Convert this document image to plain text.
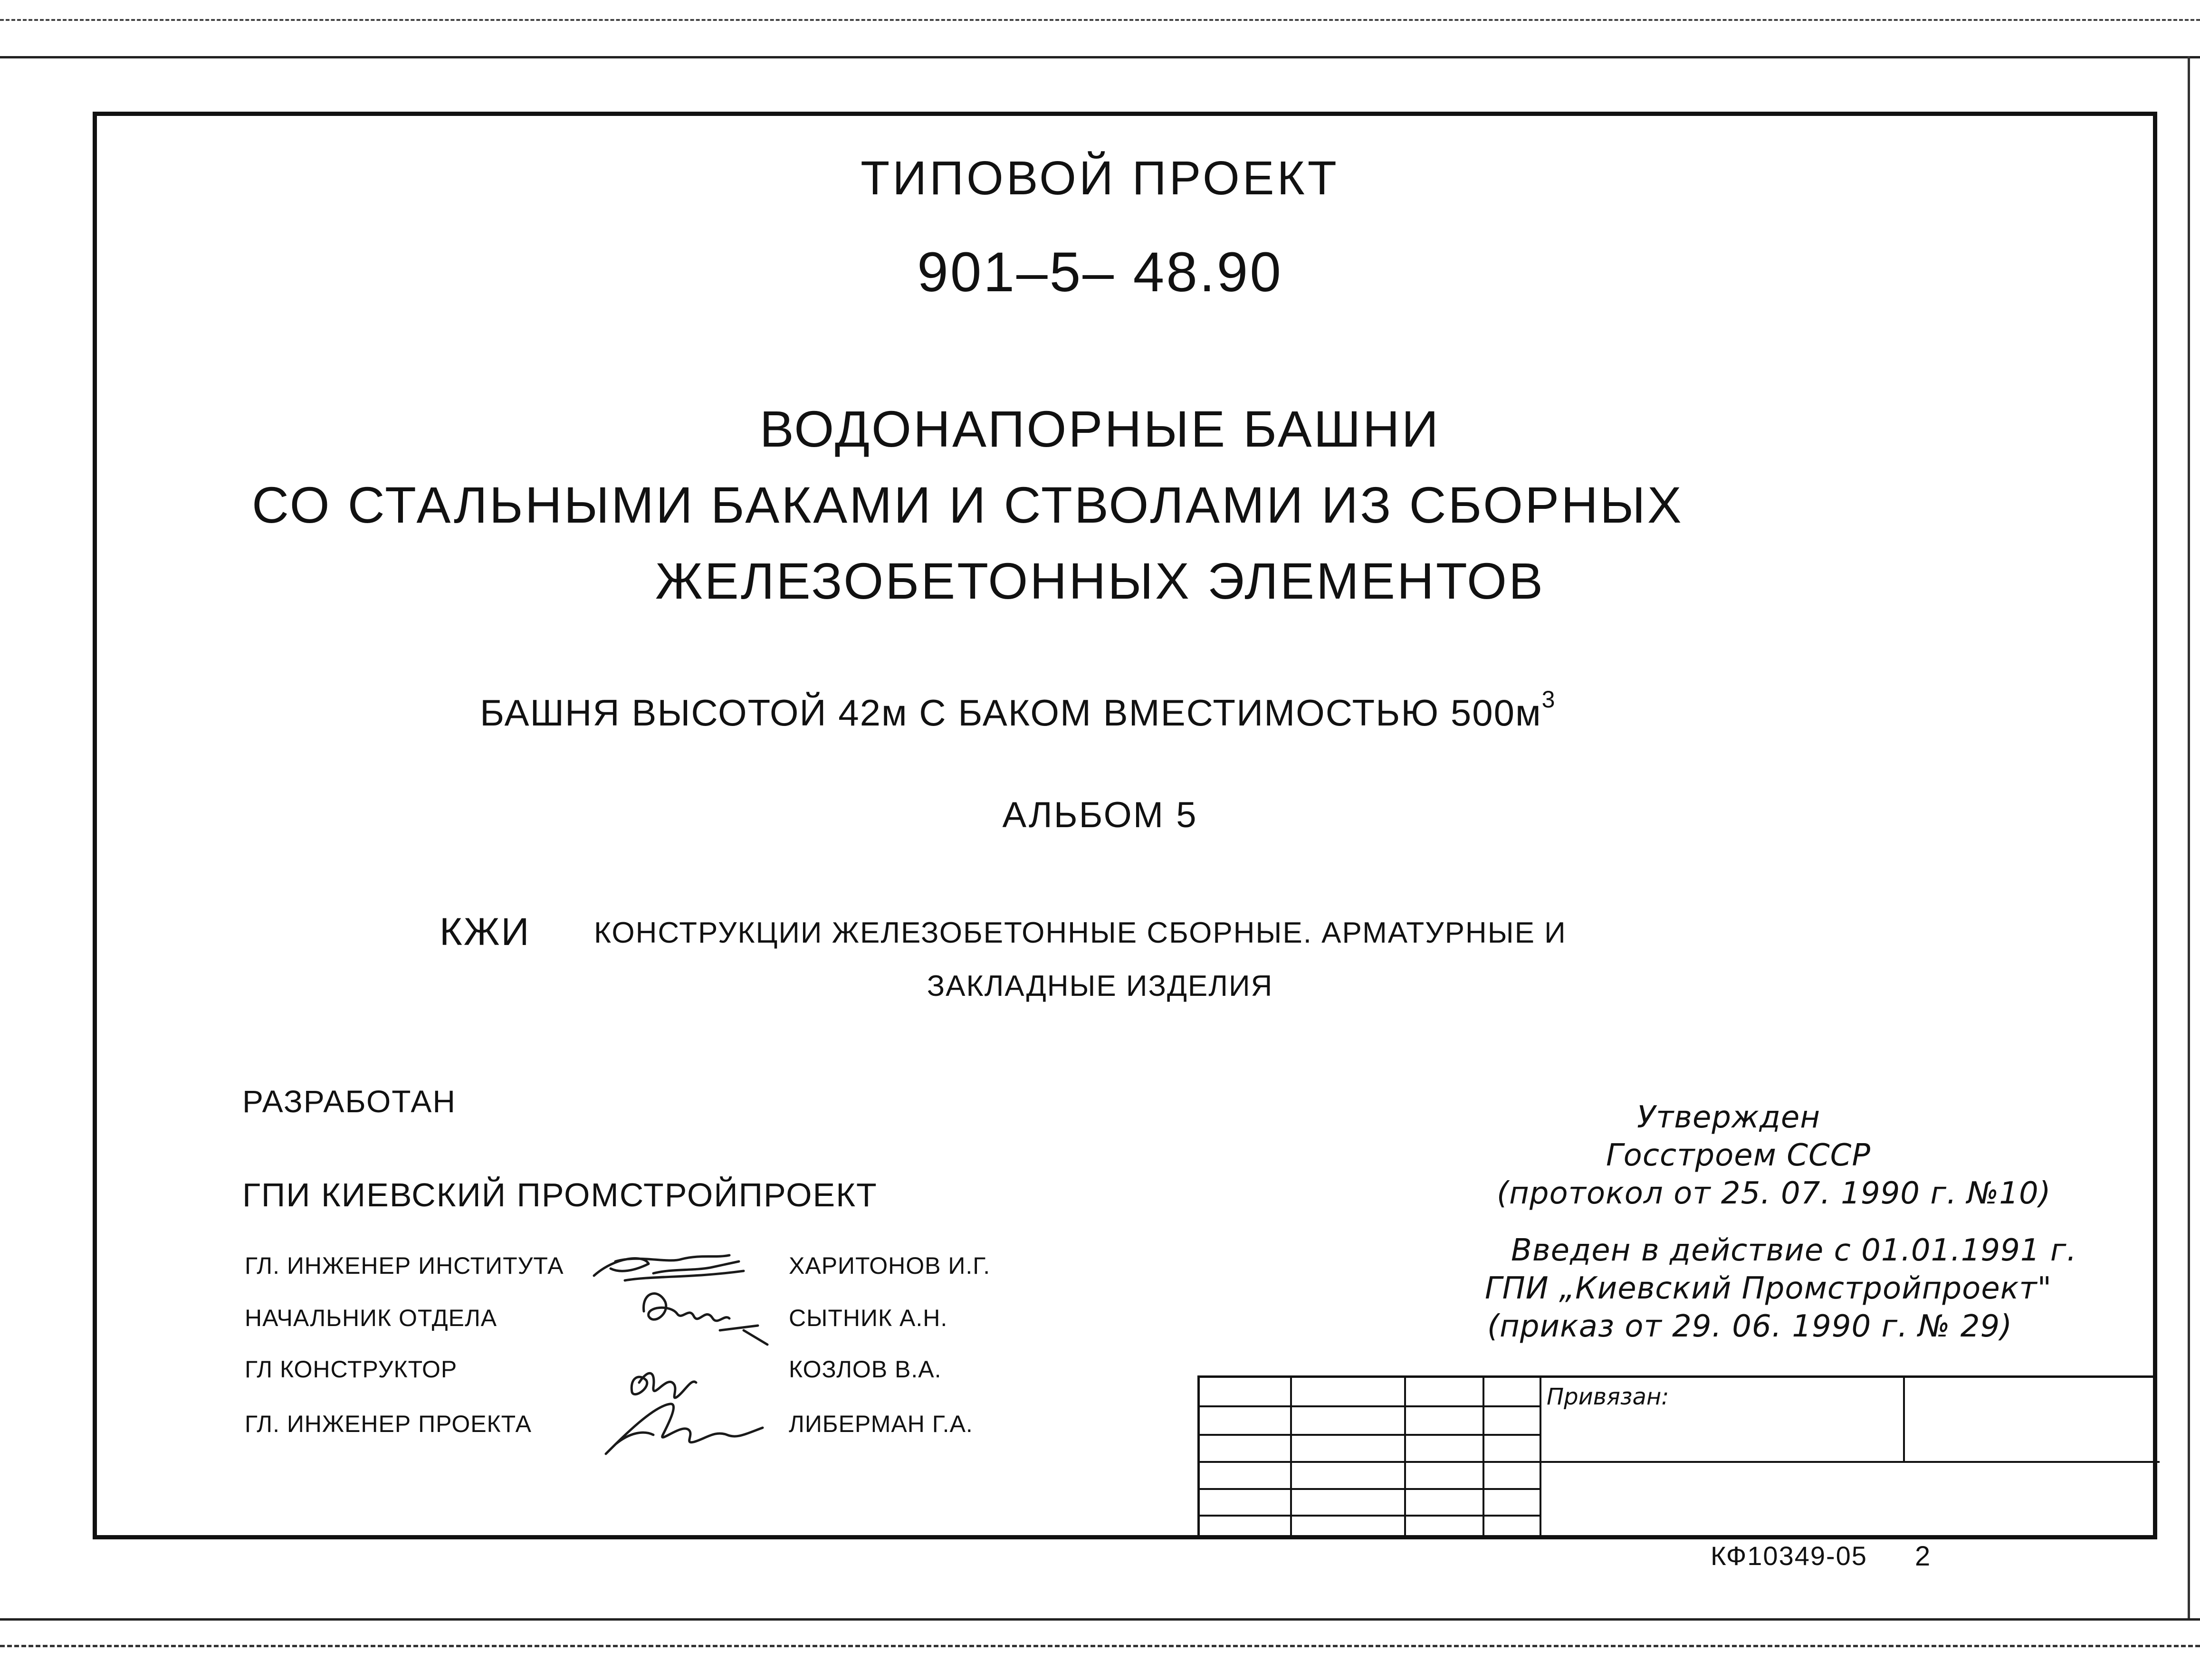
ТИПОВОЙ ПРОЕКТ
901–5– 48.90
ВОДОНАПОРНЫЕ БАШНИ
СО СТАЛЬНЫМИ БАКАМИ И СТВОЛАМИ ИЗ СБОРНЫХ
ЖЕЛЕЗОБЕТОННЫХ ЭЛЕМЕНТОВ
БАШНЯ ВЫСОТОЙ 42м С БАКОМ ВМЕСТИМОСТЬЮ $500м^3$
АЛЬБОМ 5
КЖИ КОНСТРУКЦИИ ЖЕЛЕЗОБЕТОННЫЕ СБОРНЫЕ. АРМАТУРНЫЕ И
ЗАКЛАДНЫЕ ИЗДЕЛИЯ
РАЗРАБОТАН
ГПИ КИЕВСКИЙ ПРОМСТРОЙПРОЕКТ
ГЛ. ИНЖЕНЕР ИНСТИТУТА	ХАРИТОНОВ И.Г.
НАЧАЛЬНИК ОТДЕЛА	СЫТНИК А.Н.
ГЛ КОНСТРУКТОР	КОЗЛОВ В.А.
ГЛ. ИНЖЕНЕР ПРОЕКТА	ЛИБЕРМАН Г.А.
Утвержден
Госстроем СССР
(протокол от 25. 07. 1990 г. №10)
Введен в действие с 01.01.1991 г.
ГПИ „Киевский Промстройпроект"
(приказ от 29. 06. 1990 г. № 29)
Привязан:
КФ10349-05 2
